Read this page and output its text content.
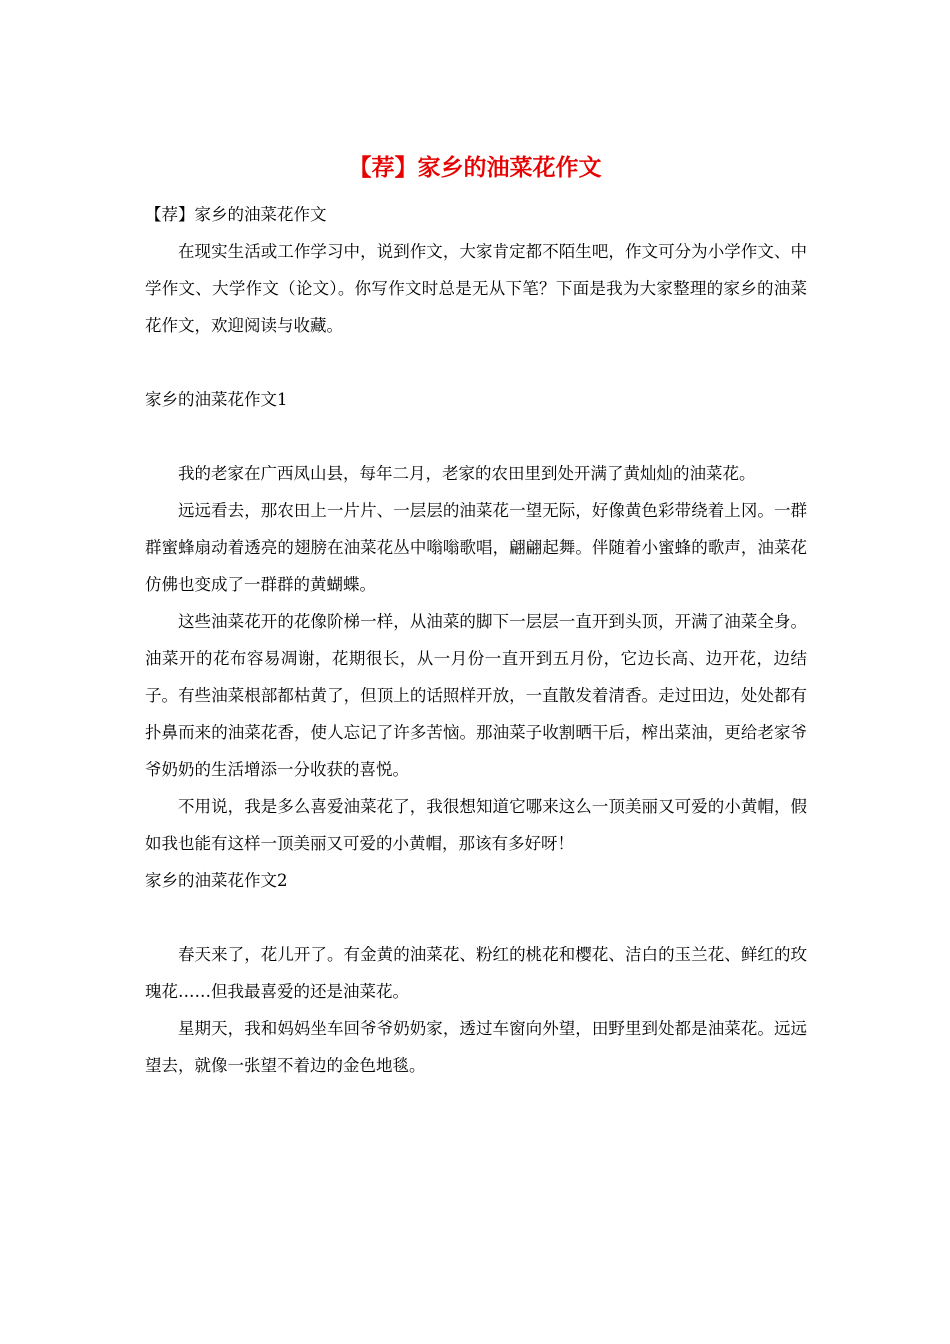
【荐】家乡的油菜花作文

【荐】家乡的油菜花作文

在现实生活或工作学习中，说到作文，大家肯定都不陌生吧，作文可分为小学作文、中学作文、大学作文（论文）。你写作文时总是无从下笔？下面是我为大家整理的家乡的油菜花作文，欢迎阅读与收藏。

家乡的油菜花作文1

我的老家在广西凤山县，每年二月，老家的农田里到处开满了黄灿灿的油菜花。

远远看去，那农田上一片片、一层层的油菜花一望无际，好像黄色彩带绕着上冈。一群群蜜蜂扇动着透亮的翅膀在油菜花丛中嗡嗡歌唱，翩翩起舞。伴随着小蜜蜂的歌声，油菜花仿佛也变成了一群群的黄蝴蝶。

这些油菜花开的花像阶梯一样，从油菜的脚下一层层一直开到头顶，开满了油菜全身。油菜开的花布容易凋谢，花期很长，从一月份一直开到五月份，它边长高、边开花，边结子。有些油菜根部都枯黄了，但顶上的话照样开放，一直散发着清香。走过田边，处处都有扑鼻而来的油菜花香，使人忘记了许多苦恼。那油菜子收割晒干后，榨出菜油，更给老家爷爷奶奶的生活增添一分收获的喜悦。

不用说，我是多么喜爱油菜花了，我很想知道它哪来这么一顶美丽又可爱的小黄帽，假如我也能有这样一顶美丽又可爱的小黄帽，那该有多好呀！

家乡的油菜花作文2

春天来了，花儿开了。有金黄的油菜花、粉红的桃花和樱花、洁白的玉兰花、鲜红的玫瑰花……但我最喜爱的还是油菜花。

星期天，我和妈妈坐车回爷爷奶奶家，透过车窗向外望，田野里到处都是油菜花。远远望去，就像一张望不着边的金色地毯。
